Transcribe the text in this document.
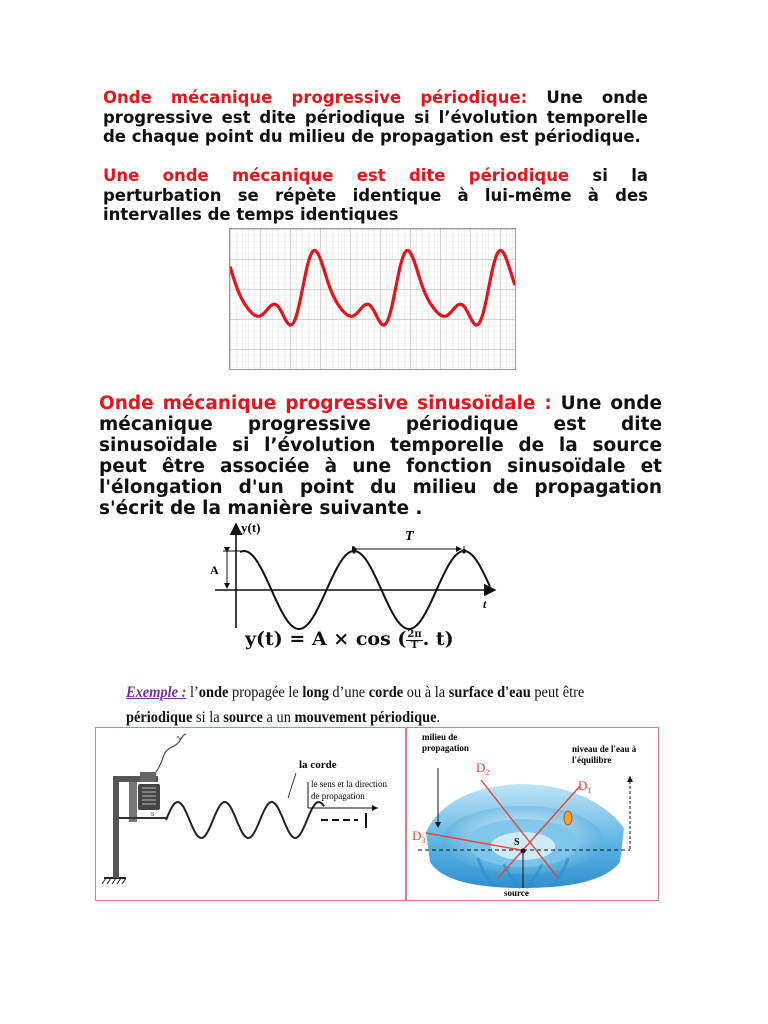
Onde mécanique progressive périodique: Une onde progressive est dite périodique si l’évolution temporelle de chaque point du milieu de propagation est périodique.
Une onde mécanique est dite périodique si la perturbation se répète identique à lui-même à des intervalles de temps identiques
Onde mécanique progressive sinusoïdale : Une onde mécanique progressive périodique est dite sinusoïdale si l’évolution temporelle de la source peut être associée à une fonction sinusoïdale et l'élongation d'un point du milieu de propagation s'écrit de la manière suivante .
y(t)
t
A
T
y(t) = A × cos ( $\frac{2\pi}{T}$ . t)
Exemple : l’onde propagée le long d’une corde ou à la surface d'eau peut être
périodique si la source a un mouvement périodique.
∿
s
la corde
le sens et la direction
de propagation
milieu de
propagation	niveau de l'eau à
l'équilibre
$D_2$
$D_1$
$D_3$	S
source
